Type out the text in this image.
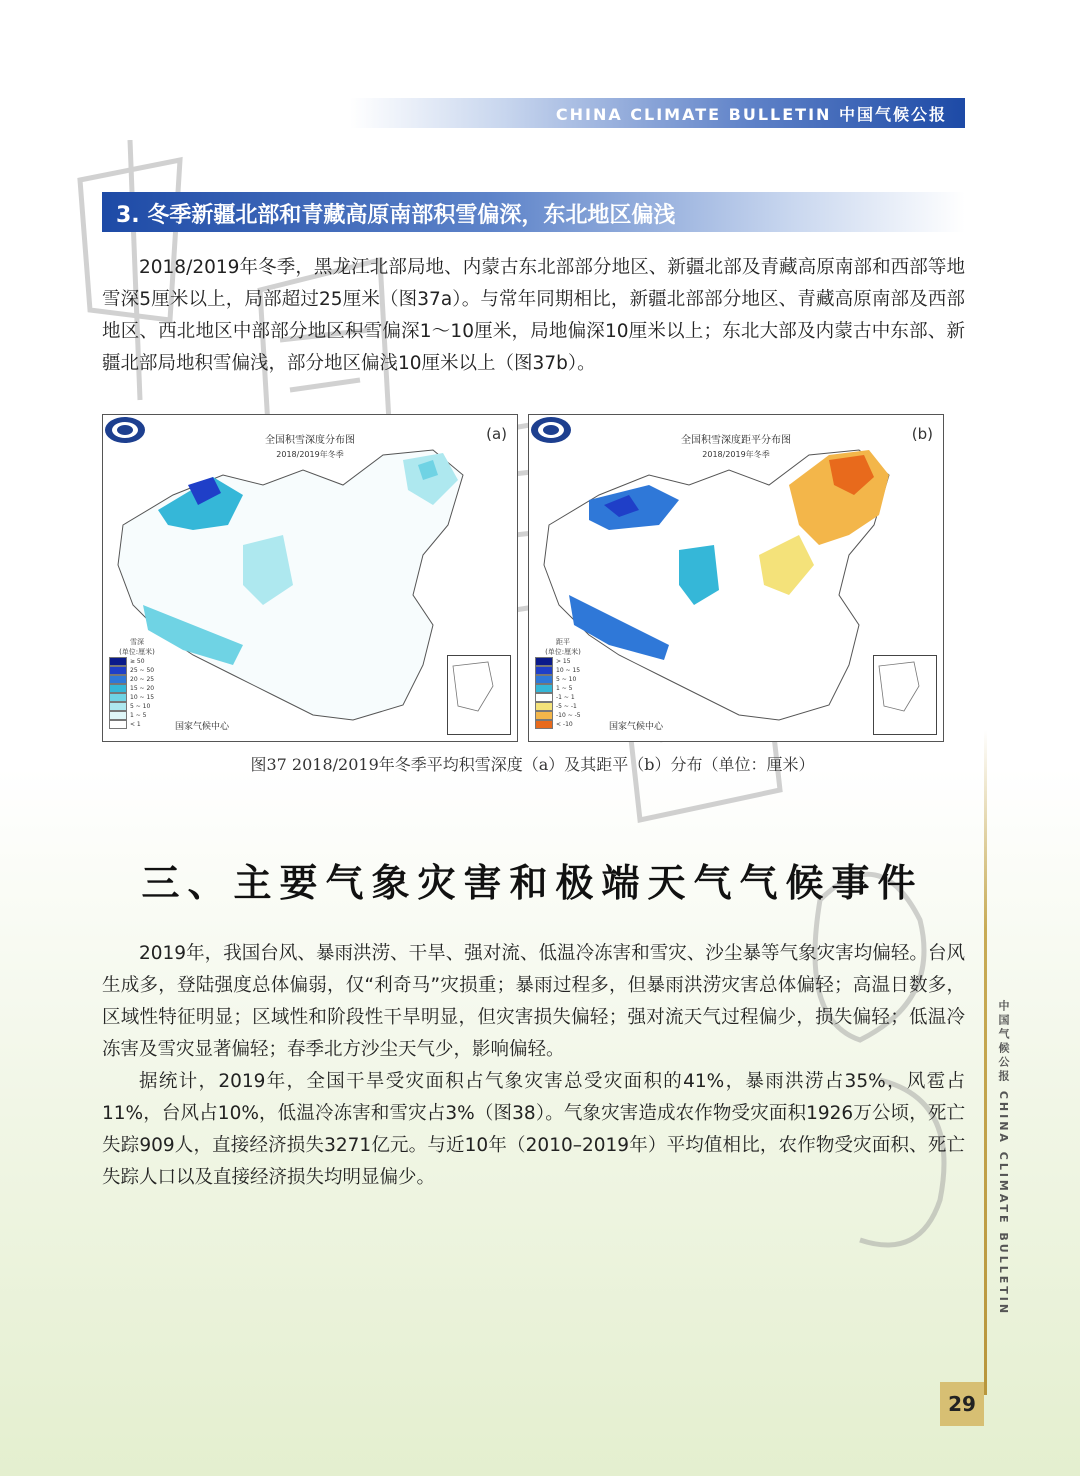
CHINA CLIMATE BULLETIN 中国气候公报
3. 冬季新疆北部和青藏高原南部积雪偏深，东北地区偏浅

2018/2019年冬季，黑龙江北部局地、内蒙古东北部部分地区、新疆北部及青藏高原南部和西部等地雪深5厘米以上，局部超过25厘米（图37a）。与常年同期相比，新疆北部部分地区、青藏高原南部及西部地区、西北地区中部部分地区积雪偏深1～10厘米，局地偏深10厘米以上；东北大部及内蒙古中东部、新疆北部局地积雪偏浅，部分地区偏浅10厘米以上（图37b）。

全国积雪深度分布图
2018/2019年冬季
(a)
雪深
(单位:厘米)
≥ 50
25 ~ 50
20 ~ 25
15 ~ 20
10 ~ 15
5 ~ 10
1 ~ 5
< 1	国家气候中心
全国积雪深度距平分布图
2018/2019年冬季
(b)
距平
(单位:厘米)
> 15
10 ~ 15
5 ~ 10
1 ~ 5
-1 ~ 1
-5 ~ -1
-10 ~ -5
< -10	国家气候中心
图37 2018/2019年冬季平均积雪深度（a）及其距平（b）分布（单位：厘米）
三、主要气象灾害和极端天气气候事件

2019年，我国台风、暴雨洪涝、干旱、强对流、低温冷冻害和雪灾、沙尘暴等气象灾害均偏轻。台风生成多，登陆强度总体偏弱，仅“利奇马”灾损重；暴雨过程多，但暴雨洪涝灾害总体偏轻；高温日数多，区域性特征明显；区域性和阶段性干旱明显，但灾害损失偏轻；强对流天气过程偏少，损失偏轻；低温冷冻害及雪灾显著偏轻；春季北方沙尘天气少，影响偏轻。

据统计，2019年，全国干旱受灾面积占气象灾害总受灾面积的41%，暴雨洪涝占35%，风雹占11%，台风占10%，低温冷冻害和雪灾占3%（图38）。气象灾害造成农作物受灾面积1926万公顷，死亡失踪909人，直接经济损失3271亿元。与近10年（2010–2019年）平均值相比，农作物受灾面积、死亡失踪人口以及直接经济损失均明显偏少。	中国气候公报 CHINA CLIMATE BULLETIN
29
